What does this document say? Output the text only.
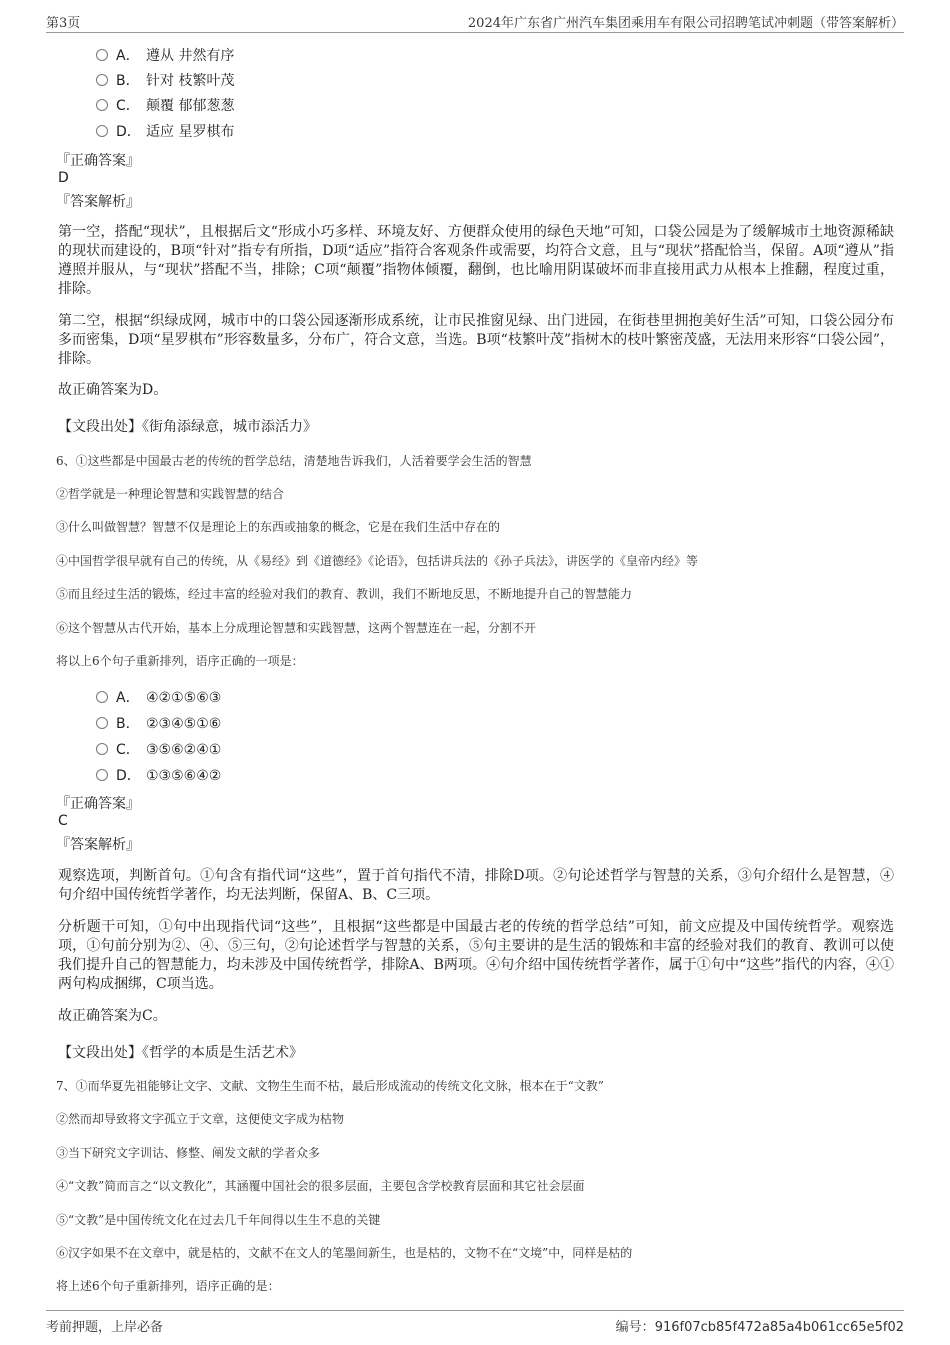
第3页	2024年广东省广州汽车集团乘用车有限公司招聘笔试冲刺题（带答案解析）
A． 遵从 井然有序
B． 针对 枝繁叶茂
C． 颠覆 郁郁葱葱
D． 适应 星罗棋布
『正确答案』
D
『答案解析』
第一空，搭配“现状”，且根据后文“形成小巧多样、环境友好、方便群众使用的绿色天地”可知，口袋公园是为了缓解城市土地资源稀缺的现状而建设的，B项“针对”指专有所指，D项“适应”指符合客观条件或需要，均符合文意，且与“现状”搭配恰当，保留。A项“遵从”指遵照并服从，与“现状”搭配不当，排除；C项“颠覆”指物体倾覆，翻倒，也比喻用阴谋破坏而非直接用武力从根本上推翻，程度过重，排除。
第二空，根据“织绿成网，城市中的口袋公园逐渐形成系统，让市民推窗见绿、出门进园，在街巷里拥抱美好生活”可知，口袋公园分布多而密集，D项“星罗棋布”形容数量多，分布广，符合文意，当选。B项“枝繁叶茂”指树木的枝叶繁密茂盛，无法用来形容“口袋公园”，排除。
故正确答案为D。
【文段出处】《街角添绿意，城市添活力》
6、①这些都是中国最古老的传统的哲学总结，清楚地告诉我们，人活着要学会生活的智慧
②哲学就是一种理论智慧和实践智慧的结合
③什么叫做智慧？智慧不仅是理论上的东西或抽象的概念，它是在我们生活中存在的
④中国哲学很早就有自己的传统，从《易经》到《道德经》《论语》，包括讲兵法的《孙子兵法》，讲医学的《皇帝内经》等
⑤而且经过生活的锻炼，经过丰富的经验对我们的教育、教训，我们不断地反思，不断地提升自己的智慧能力
⑥这个智慧从古代开始，基本上分成理论智慧和实践智慧，这两个智慧连在一起，分割不开
将以上6个句子重新排列，语序正确的一项是：
A． ④②①⑤⑥③
B． ②③④⑤①⑥
C． ③⑤⑥②④①
D． ①③⑤⑥④②
『正确答案』
C
『答案解析』
观察选项，判断首句。①句含有指代词“这些”，置于首句指代不清，排除D项。②句论述哲学与智慧的关系，③句介绍什么是智慧，④句介绍中国传统哲学著作，均无法判断，保留A、B、C三项。
分析题干可知，①句中出现指代词“这些”，且根据“这些都是中国最古老的传统的哲学总结”可知，前文应提及中国传统哲学。观察选项，①句前分别为②、④、⑤三句，②句论述哲学与智慧的关系，⑤句主要讲的是生活的锻炼和丰富的经验对我们的教育、教训可以使我们提升自己的智慧能力，均未涉及中国传统哲学，排除A、B两项。④句介绍中国传统哲学著作，属于①句中“这些”指代的内容，④①两句构成捆绑，C项当选。
故正确答案为C。
【文段出处】《哲学的本质是生活艺术》
7、①而华夏先祖能够让文字、文献、文物生生而不枯，最后形成流动的传统文化文脉，根本在于“文教”
②然而却导致将文字孤立于文章，这便使文字成为枯物
③当下研究文字训诂、修整、阐发文献的学者众多
④“文教”简而言之“以文教化”，其涵覆中国社会的很多层面，主要包含学校教育层面和其它社会层面
⑤“文教”是中国传统文化在过去几千年间得以生生不息的关键
⑥汉字如果不在文章中，就是枯的，文献不在文人的笔墨间新生，也是枯的，文物不在“文境”中，同样是枯的
将上述6个句子重新排列，语序正确的是：
考前押题，上岸必备	编号：916f07cb85f472a85a4b061cc65e5f02
